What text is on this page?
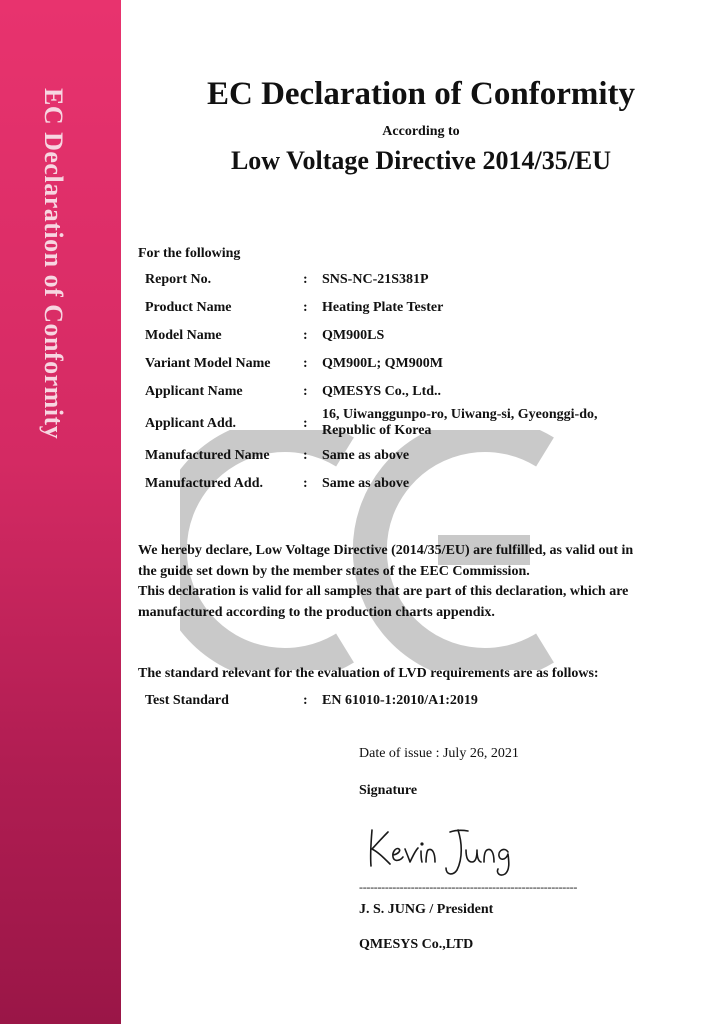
EC Declaration of Conformity	EC Declaration of Conformity
According to
Low Voltage Directive 2014/35/EU
For the following
Report No.	: SNS-NC-21S381P
Product Name	: Heating Plate Tester
Model Name	: QM900LS
Variant Model Name	: QM900L; QM900M
Applicant Name	: QMESYS Co., Ltd..
Applicant Add.	:
16, Uiwanggunpo-ro, Uiwang-si, Gyeonggi-do,
Republic of Korea
Manufactured Name	: Same as above
Manufactured Add.	: Same as above

We hereby declare, Low Voltage Directive (2014/35/EU) are fulfilled, as valid out in

the guide set down by the member states of the EEC Commission.

This declaration is valid for all samples that are part of this declaration, which are

manufactured according to the production charts appendix.

The standard relevant for the evaluation of LVD requirements are as follows:
Test Standard	: EN 61010-1:2010/A1:2019
Date of issue : July 26, 2021
Signature
-----------------------------------------------------------
J. S. JUNG / President
QMESYS Co.,LTD
